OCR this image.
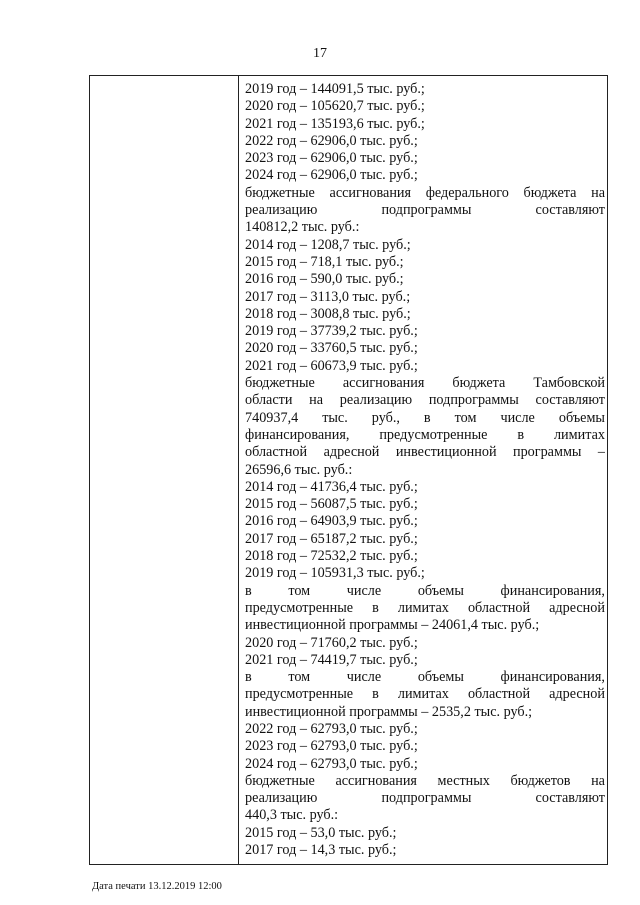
17
2019 год – 144091,5 тыс. руб.;
2020 год – 105620,7 тыс. руб.;
2021 год – 135193,6 тыс. руб.;
2022 год – 62906,0 тыс. руб.;
2023 год – 62906,0 тыс. руб.;
2024 год – 62906,0 тыс. руб.;
бюджетные ассигнования федерального бюджета на
реализацию	подпрограммы	составляют
140812,2 тыс. руб.:
2014 год – 1208,7 тыс. руб.;
2015 год – 718,1 тыс. руб.;
2016 год – 590,0 тыс. руб.;
2017 год – 3113,0 тыс. руб.;
2018 год – 3008,8 тыс. руб.;
2019 год – 37739,2 тыс. руб.;
2020 год – 33760,5 тыс. руб.;
2021 год – 60673,9 тыс. руб.;
бюджетные ассигнования бюджета Тамбовской
области на реализацию подпрограммы составляют
740937,4 тыс. руб., в том числе объемы
финансирования, предусмотренные в лимитах
областной адресной инвестиционной программы –
26596,6 тыс. руб.:
2014 год – 41736,4 тыс. руб.;
2015 год – 56087,5 тыс. руб.;
2016 год – 64903,9 тыс. руб.;
2017 год – 65187,2 тыс. руб.;
2018 год – 72532,2 тыс. руб.;
2019 год – 105931,3 тыс. руб.;
в	том	числе	объемы	финансирования,
предусмотренные в лимитах областной адресной
инвестиционной программы – 24061,4 тыс. руб.;
2020 год – 71760,2 тыс. руб.;
2021 год – 74419,7 тыс. руб.;
в	том	числе	объемы	финансирования,
предусмотренные в лимитах областной адресной
инвестиционной программы – 2535,2 тыс. руб.;
2022 год – 62793,0 тыс. руб.;
2023 год – 62793,0 тыс. руб.;
2024 год – 62793,0 тыс. руб.;
бюджетные ассигнования местных бюджетов на
реализацию	подпрограммы	составляют
440,3 тыс. руб.:
2015 год – 53,0 тыс. руб.;
2017 год – 14,3 тыс. руб.;
Дата печати 13.12.2019 12:00
